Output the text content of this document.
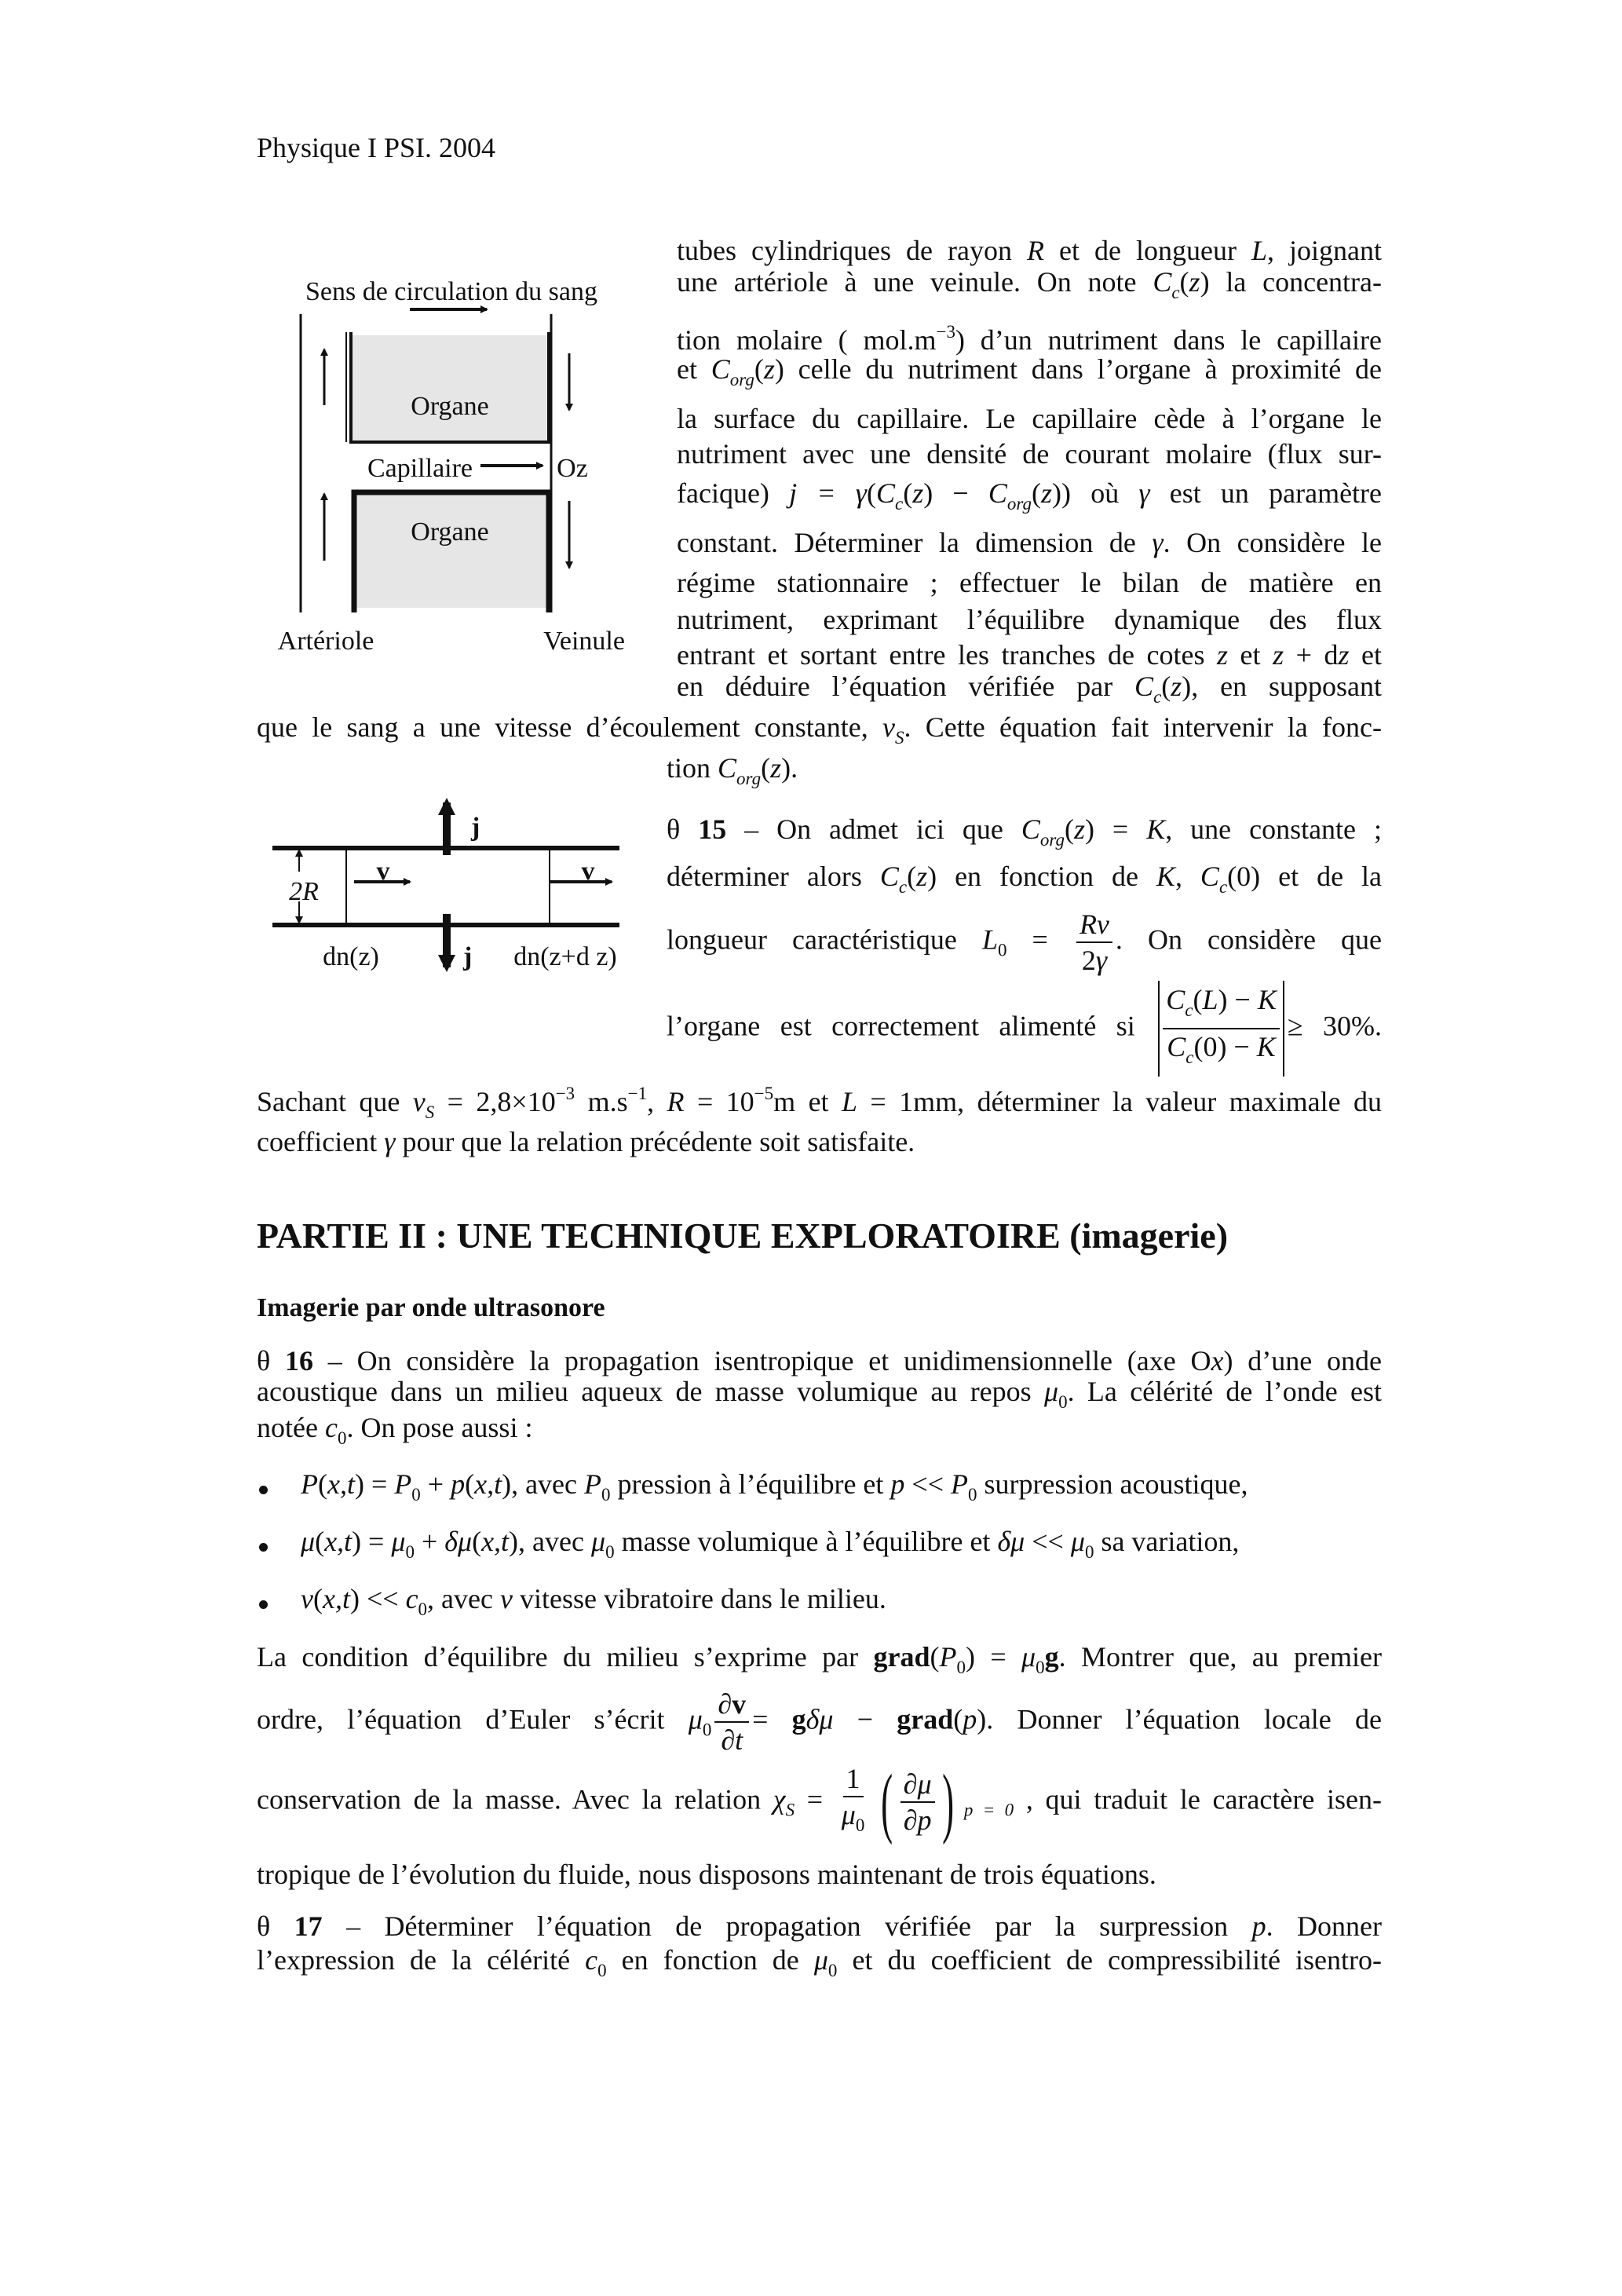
Physique I PSI. 2004
Sens de circulation du sang
Organe
Organe
Capillaire	Oz
Artériole	Veinule
2R
j
j
v	v
dn(z)	dn(z+d z)
tubes cylindriques de rayon R et de longueur L, joignant
une artériole à une veinule. On note $C_c(z)$ la concentra-
tion molaire ( $mol.m^{-3}$) d’un nutriment dans le capillaire
et $C_{org}(z)$ celle du nutriment dans l’organe à proximité de
la surface du capillaire. Le capillaire cède à l’organe le
nutriment avec une densité de courant molaire (flux sur-
facique) $j = \gamma(C_c(z) - C_{org}(z))$ où γ est un paramètre
constant. Déterminer la dimension de γ. On considère le
régime stationnaire ; effectuer le bilan de matière en
nutriment, exprimant l’équilibre dynamique des flux
entrant et sortant entre les tranches de cotes z et z + dz et
en déduire l’équation vérifiée par $C_c(z)$, en supposant
que le sang a une vitesse d’écoulement constante, $v_S$. Cette équation fait intervenir la fonc-
tion $C_{org}(z)$.
θ 15 – On admet ici que $C_{org}(z) = K$, une constante ;
déterminer alors $C_c(z)$ en fonction de K, $C_c(0)$ et de la
longueur caractéristique $L_0 = \frac{Rv}{2\gamma}$ . On considère que
l’organe est correctement alimenté si $\frac{C_c(L) - K}{C_c(0) - K} \ge 30\%$.
Sachant que $v_S = 2,8\times 10^{-3}$ $m.s^{-1}$, $R = 10^{-5}m$ et L = 1mm, déterminer la valeur maximale du
coefficient γ pour que la relation précédente soit satisfaite.
PARTIE II : UNE TECHNIQUE EXPLORATOIRE (imagerie)
Imagerie par onde ultrasonore
θ 16 – On considère la propagation isentropique et unidimensionnelle (axe Ox) d’une onde
acoustique dans un milieu aqueux de masse volumique au repos $\mu_0$. La célérité de l’onde est
notée $c_0$. On pose aussi :
$P(x,t) = P_0 + p(x,t)$, avec $P_0$ pression à l’équilibre et $p << P_0$ surpression acoustique,
$\mu(x,t) = \mu_0 + \delta\mu(x,t)$, avec $\mu_0$ masse volumique à l’équilibre et $\delta\mu << \mu_0$ sa variation,
$v(x,t) << c_0$, avec v vitesse vibratoire dans le milieu.
La condition d’équilibre du milieu s’exprime par $grad(P_0) = \mu_0g$. Montrer que, au premier
ordre, l’équation d’Euler s’écrit $\mu_0 \frac{\partial v}{\partial t} = g\delta\mu$ − grad(p). Donner l’équation locale de
conservation de la masse. Avec la relation $\chi_S = \frac{1}{\mu_0}$ ( $\frac{\partial\mu}{\partial p}$
) $_{p = 0}$ , qui traduit le caractère isen-
tropique de l’évolution du fluide, nous disposons maintenant de trois équations.
θ 17 – Déterminer l’équation de propagation vérifiée par la surpression p. Donner
l’expression de la célérité $c_0$ en fonction de $\mu_0$ et du coefficient de compressibilité isentro-
